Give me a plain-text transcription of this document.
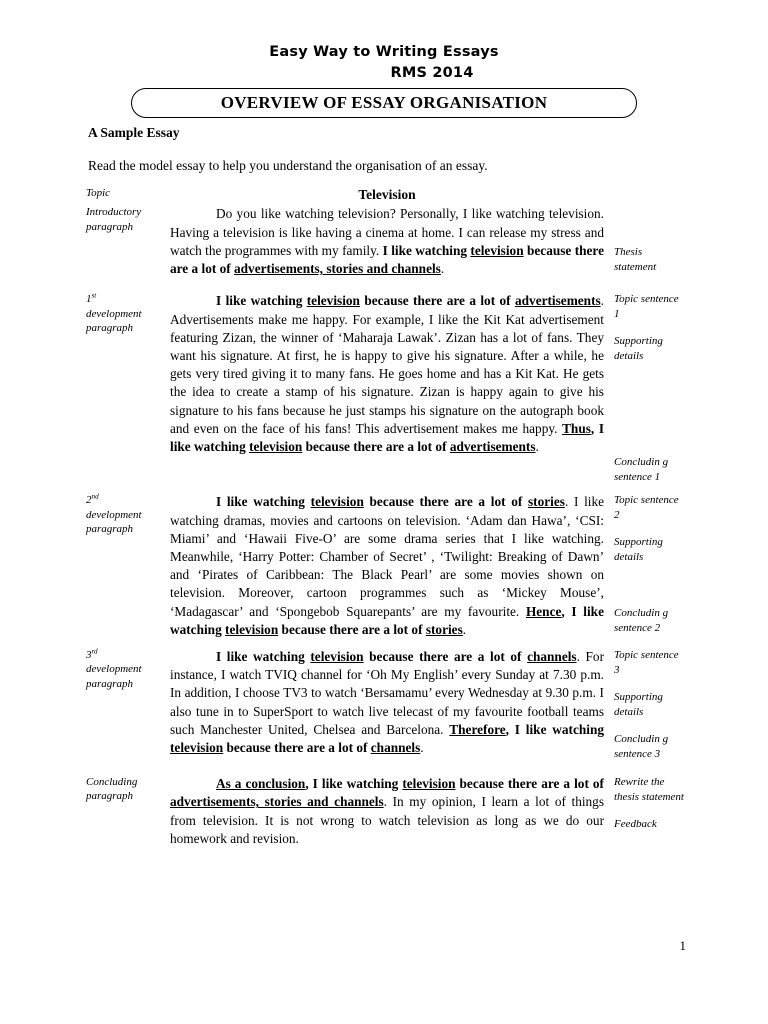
Easy Way to Writing Essays
RMS 2014
OVERVIEW OF ESSAY ORGANISATION
A Sample Essay
Read the model essay to help you understand the organisation of an essay.
Topic	Television
Introductory paragraph

Do you like watching television? Personally, I like watching television. Having a television is like having a cinema at home. I can release my stress and watch the programmes with my family. I like watching television because there are a lot of advertisements, stories and channels.

Thesis statement
1st
development paragraph

I like watching television because there are a lot of advertisements. Advertisements make me happy. For example, I like the Kit Kat advertisement featuring Zizan, the winner of ‘Maharaja Lawak’. Zizan has a lot of fans. They want his signature. At first, he is happy to give his signature. After a while, he gets very tired giving it to many fans. He goes home and has a Kit Kat. He gets the idea to create a stamp of his signature. Zizan is happy again to give his signature to his fans because he just stamps his signature on the autograph book and even on the face of his fans! This advertisement makes me happy. Thus, I like watching television because there are a lot of advertisements.

Topic sentence 1
Supporting details
Concludin g sentence 1
2nd
development paragraph

I like watching television because there are a lot of stories. I like watching dramas, movies and cartoons on television. ‘Adam dan Hawa’, ‘CSI: Miami’ and ‘Hawaii Five-O’ are some drama series that I like watching. Meanwhile, ‘Harry Potter: Chamber of Secret’ , ‘Twilight: Breaking of Dawn’ and ‘Pirates of Caribbean: The Black Pearl’ are some movies shown on television. Moreover, cartoon programmes such as ‘Mickey Mouse’, ‘Madagascar’ and ‘Spongebob Squarepants’ are my favourite. Hence, I like watching television because there are a lot of stories.

Topic sentence 2
Supporting details
Concludin g sentence 2
3rd
development paragraph

I like watching television because there are a lot of channels. For instance, I watch TVIQ channel for ‘Oh My English’ every Sunday at 7.30 p.m. In addition, I choose TV3 to watch ‘Bersamamu’ every Wednesday at 9.30 p.m. I also tune in to SuperSport to watch live telecast of my favourite football teams such Manchester United, Chelsea and Barcelona. Therefore, I like watching television because there are a lot of channels.

Topic sentence 3
Supporting details
Concludin g sentence 3
Concluding paragraph

As a conclusion, I like watching television because there are a lot of advertisements, stories and channels. In my opinion, I learn a lot of things from television. It is not wrong to watch television as long as we do our homework and revision.

Rewrite the thesis statement
Feedback
1
